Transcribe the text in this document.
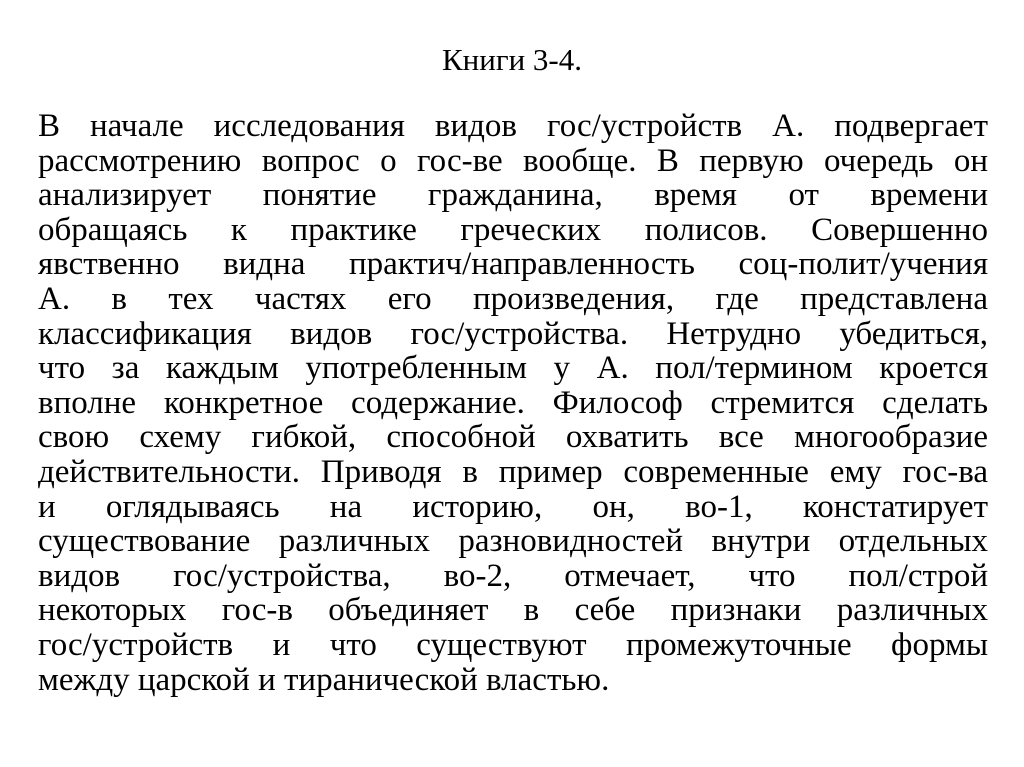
Книги 3-4.
В начале исследования видов гос/устройств А. подвергает
рассмотрению вопрос о гос-ве вообще. В первую очередь он
анализирует понятие гражданина, время от времени
обращаясь к практике греческих полисов. Совершенно
явственно видна практич/направленность соц-полит/учения
А. в тех частях его произведения, где представлена
классификация видов гос/устройства. Нетрудно убедиться,
что за каждым употребленным у А. пол/термином кроется
вполне конкретное содержание. Философ стремится сделать
свою схему гибкой, способной охватить все многообразие
действительности. Приводя в пример современные ему гос-ва
и оглядываясь на историю, он, во-1, констатирует
существование различных разновидностей внутри отдельных
видов гос/устройства, во-2, отмечает, что пол/строй
некоторых гос-в объединяет в себе признаки различных
гос/устройств и что существуют промежуточные формы
между царской и тиранической властью.
